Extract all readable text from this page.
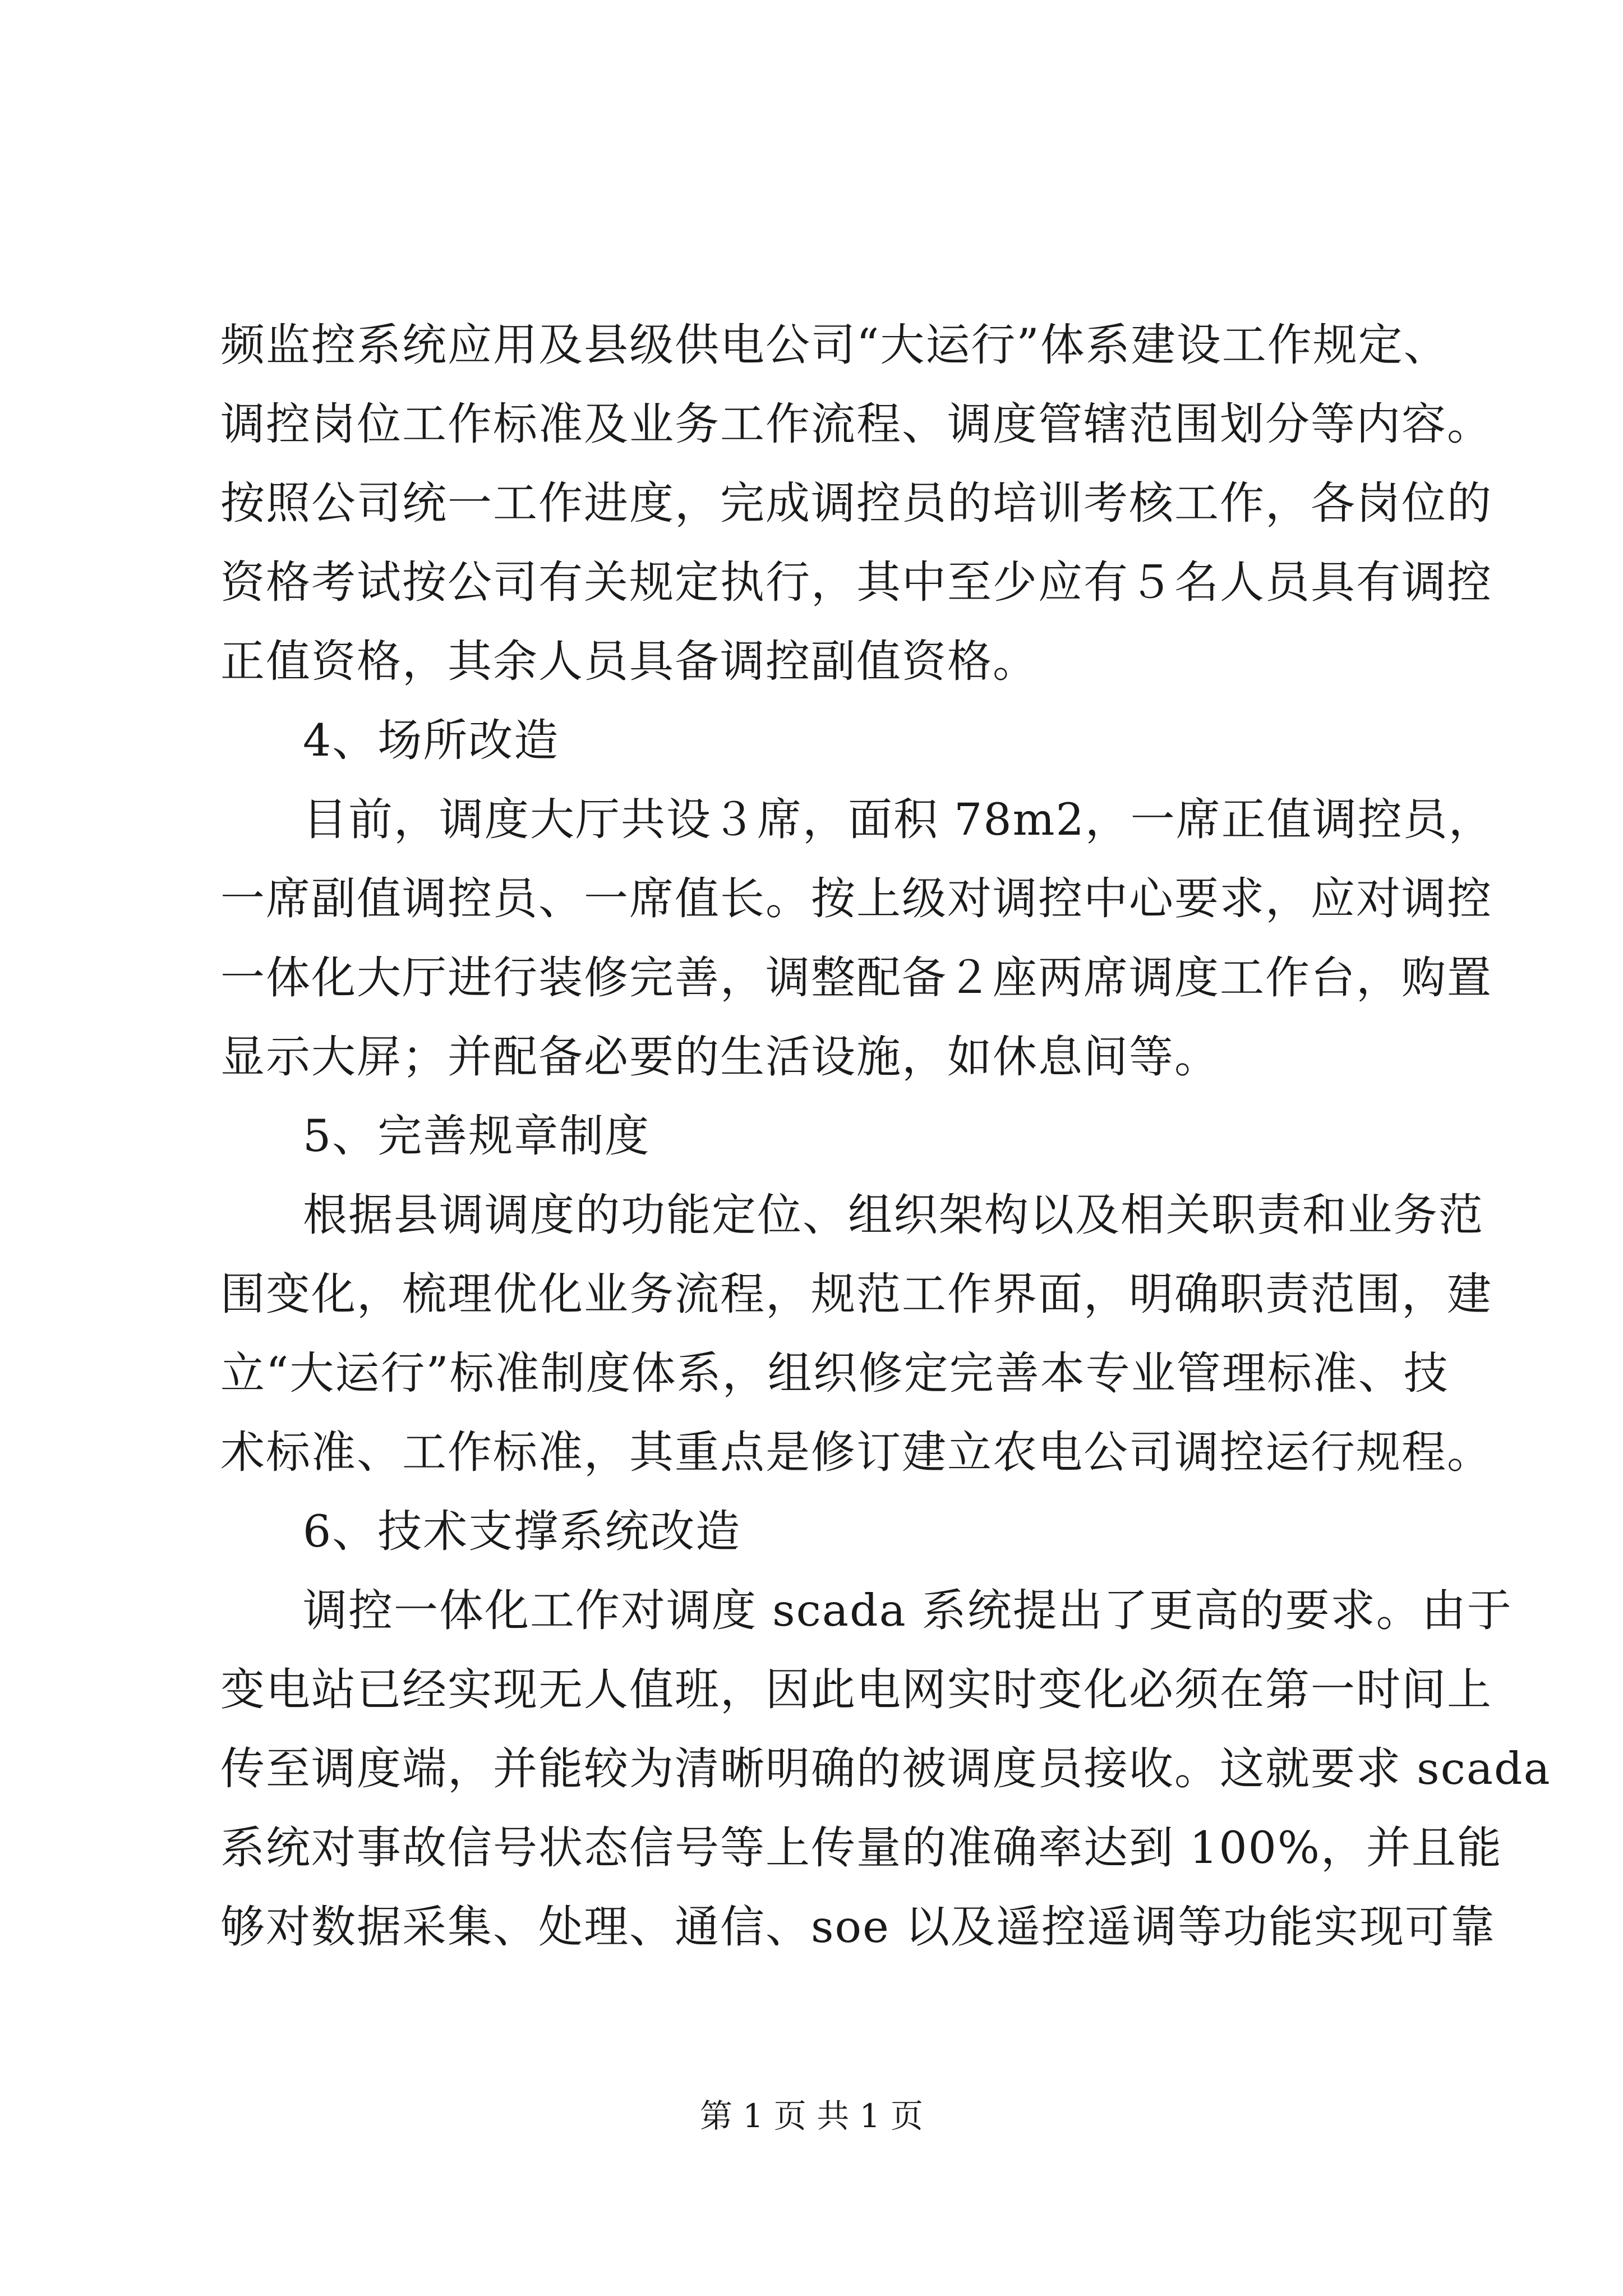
频监控系统应用及县级供电公司“大运行”体系建设工作规定、
调控岗位工作标准及业务工作流程、调度管辖范围划分等内容。
按照公司统一工作进度，完成调控员的培训考核工作，各岗位的
资格考试按公司有关规定执行，其中至少应有５名人员具有调控
正值资格，其余人员具备调控副值资格。
4、场所改造
目前，调度大厅共设３席，面积 78m2，一席正值调控员，
一席副值调控员、一席值长。按上级对调控中心要求，应对调控
一体化大厅进行装修完善，调整配备２座两席调度工作台，购置
显示大屏；并配备必要的生活设施，如休息间等。
5、完善规章制度
根据县调调度的功能定位、组织架构以及相关职责和业务范
围变化，梳理优化业务流程，规范工作界面，明确职责范围，建
立“大运行”标准制度体系，组织修定完善本专业管理标准、技
术标准、工作标准，其重点是修订建立农电公司调控运行规程。
6、技术支撑系统改造
调控一体化工作对调度 scada 系统提出了更高的要求。由于
变电站已经实现无人值班，因此电网实时变化必须在第一时间上
传至调度端，并能较为清晰明确的被调度员接收。这就要求 scada
系统对事故信号状态信号等上传量的准确率达到 100%，并且能
够对数据采集、处理、通信、soe 以及遥控遥调等功能实现可靠
第 1 页 共 1 页
